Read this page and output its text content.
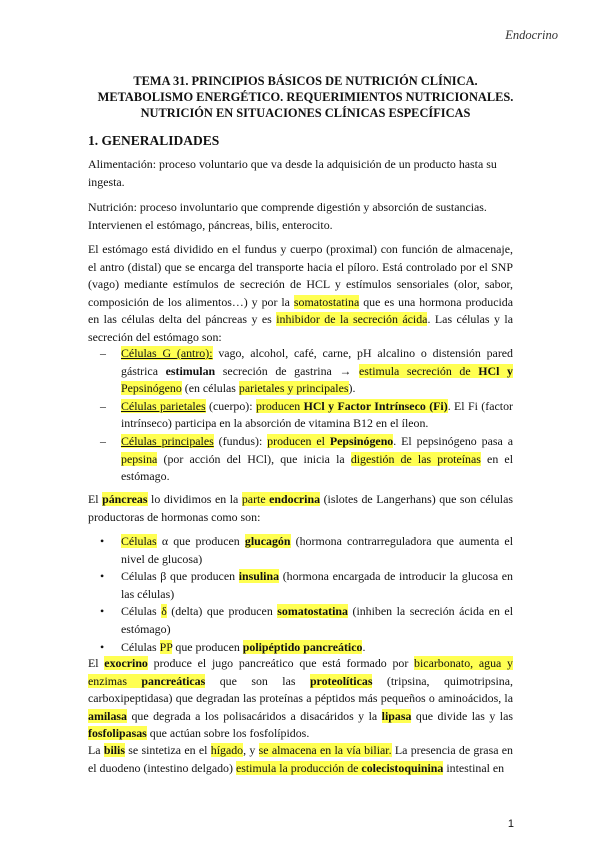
Endocrino
TEMA 31. PRINCIPIOS BÁSICOS DE NUTRICIÓN CLÍNICA.
METABOLISMO ENERGÉTICO. REQUERIMIENTOS NUTRICIONALES.
NUTRICIÓN EN SITUACIONES CLÍNICAS ESPECÍFICAS
1. GENERALIDADES
Alimentación: proceso voluntario que va desde la adquisición de un producto hasta su ingesta.
Nutrición: proceso involuntario que comprende digestión y absorción de sustancias. Intervienen el estómago, páncreas, bilis, enterocito.
El estómago está dividido en el fundus y cuerpo (proximal) con función de almacenaje, el antro (distal) que se encarga del transporte hacia el píloro. Está controlado por el SNP (vago) mediante estímulos de secreción de HCL y estímulos sensoriales (olor, sabor, composición de los alimentos…) y por la somatostatina que es una hormona producida en las células delta del páncreas y es inhibidor de la secreción ácida. Las células y la secreción del estómago son:
– Células G (antro): vago, alcohol, café, carne, pH alcalino o distensión pared gástrica estimulan secreción de gastrina → estimula secreción de HCl y Pepsinógeno (en células parietales y principales).
– Células parietales (cuerpo): producen HCl y Factor Intrínseco (Fi). El Fi (factor intrínseco) participa en la absorción de vitamina B12 en el íleon.
– Células principales (fundus): producen el Pepsinógeno. El pepsinógeno pasa a pepsina (por acción del HCl), que inicia la digestión de las proteínas en el estómago.
El páncreas lo dividimos en la parte endocrina (islotes de Langerhans) que son células productoras de hormonas como son:
• Células α que producen glucagón (hormona contrarreguladora que aumenta el nivel de glucosa)
• Células β que producen insulina (hormona encargada de introducir la glucosa en las células)
• Células δ (delta) que producen somatostatina (inhiben la secreción ácida en el estómago)
• Células PP que producen polipéptido pancreático.
El exocrino produce el jugo pancreático que está formado por bicarbonato, agua y enzimas pancreáticas que son las proteolíticas (tripsina, quimotripsina, carboxipeptidasa) que degradan las proteínas a péptidos más pequeños o aminoácidos, la amilasa que degrada a los polisacáridos a disacáridos y la lipasa que divide las y las fosfolipasas que actúan sobre los fosfolípidos.
La bilis se sintetiza en el hígado, y se almacena en la vía biliar. La presencia de grasa en el duodeno (intestino delgado) estimula la producción de colecistoquinina intestinal en
1
